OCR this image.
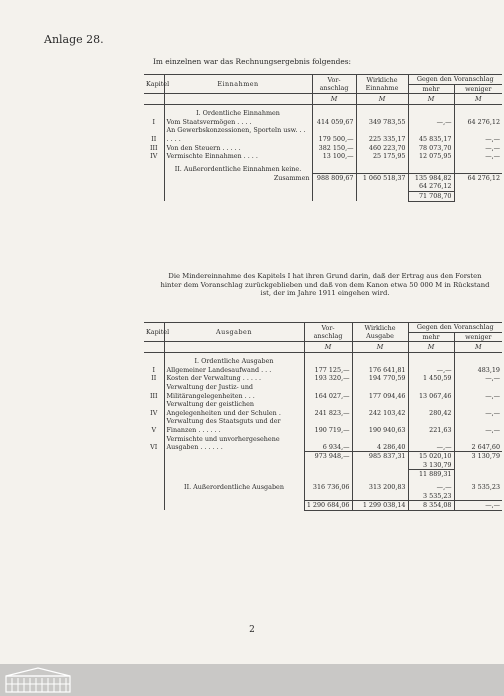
Anlage 28.
Im einzelnen war das Rechnungsergebnis folgendes:
Kapitel	Einnahmen	Vor- anschlag	Wirkliche Einnahme	Gegen den Voranschlag	
				mehr	weniger
		M	M	M	M
	I. Ordentliche Einnahmen				
I	Vom Staatsvermögen . . . .	414 059,67	349 783,55	—,—	64 276,12
II	An Gewerbskonzessionen, Sporteln usw. . . . . . .	179 500,—	225 335,17	45 835,17	—,—
III	Von den Steuern . . . . .	382 150,—	460 223,70	78 073,70	—,—
IV	Vermischte Einnahmen . . . .	13 100,—	25 175,95	12 075,95	—,—
	II. Außerordentliche Einnahmen keine.				
	Zusammen	988 809,67	1 060 518,37	135 984,82	64 276,12
				64 276,12	
				71 708,70	
Die Mindereinnahme des Kapitels I hat ihren Grund darin, daß der Ertrag aus den Forsten hinter dem Voranschlag zurückgeblieben und daß von dem Kanon etwa 50 000 M in Rückstand ist, der im Jahre 1911 eingehen wird.
Kapitel	Ausgaben	Vor- anschlag	Wirkliche Ausgabe	Gegen den Voranschlag	
				mehr	weniger
		M	M	M	M
	I. Ordentliche Ausgaben				
I	Allgemeiner Landesaufwand . . .	177 125,—	176 641,81	—,—	483,19
II	Kosten der Verwaltung . . . . .	193 320,—	194 770,59	1 450,59	—,—
III	Verwaltung der Justiz- und Militärangelegenheiten . . .	164 027,—	177 094,46	13 067,46	—,—
IV	Verwaltung der geistlichen Angelegenheiten und der Schulen .	241 823,—	242 103,42	280,42	—,—
V	Verwaltung des Staatsguts und der Finanzen . . . . . .	190 719,—	190 940,63	221,63	—,—
VI	Vermischte und unvorhergesehene Ausgaben . . . . . .	6 934,—	4 286,40	—,—	2 647,60
		973 948,—	985 837,31	15 020,10	3 130,79
				3 130,79	
				11 889,31	
	II. Außerordentliche Ausgaben	316 736,06	313 200,83	—,—	3 535,23
				3 535,23	
		1 290 684,06	1 299 038,14	8 354,08	—,—
2
